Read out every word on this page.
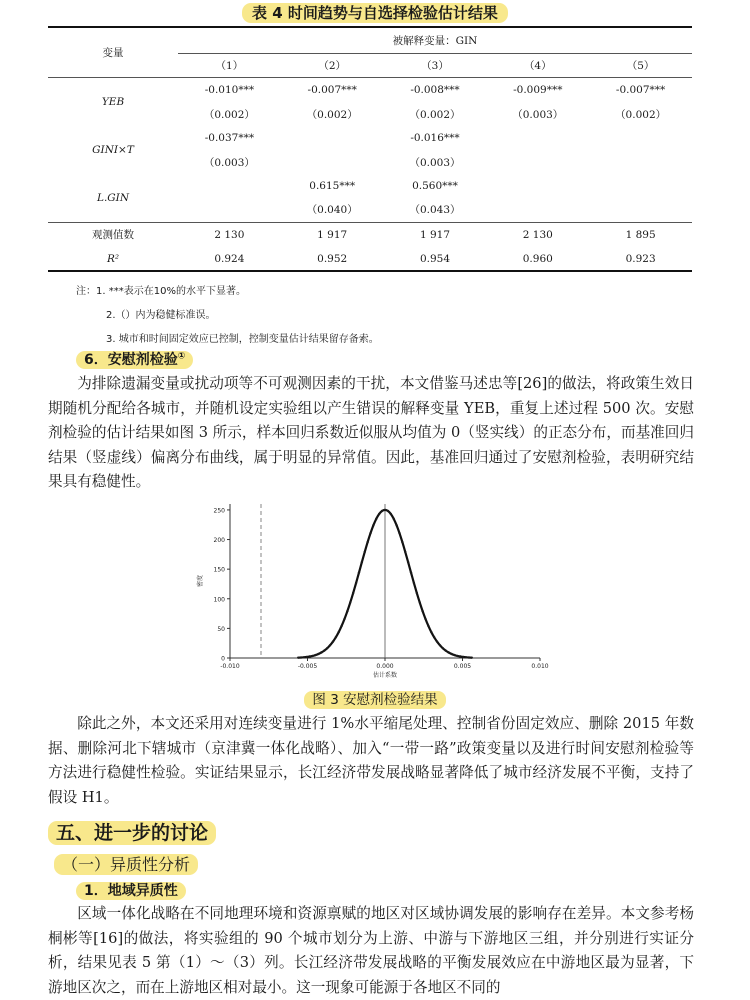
表 4 时间趋势与自选择检验估计结果
变量	被解释变量：GIN				
	（1）	（2）	（3）	（4）	（5）
YEB	-0.010***	-0.007***	-0.008***	-0.009***	-0.007***
	（0.002）	（0.002）	（0.002）	（0.003）	（0.002）
GINI×T	-0.037***		-0.016***		
	（0.003）		（0.003）		
L.GIN		0.615***	0.560***		
		（0.040）	（0.043）		
观测值数	2 130	1 917	1 917	2 130	1 895
R²	0.924	0.952	0.954	0.960	0.923
注：1. ***表示在10%的水平下显著。
2.（）内为稳健标准误。
3. 城市和时间固定效应已控制，控制变量估计结果留存备索。
6．安慰剂检验①
为排除遗漏变量或扰动项等不可观测因素的干扰，本文借鉴马述忠等[26]的做法，将政策生效日期随机分配给各城市，并随机设定实验组以产生错误的解释变量 YEB，重复上述过程 500 次。安慰剂检验的估计结果如图 3 所示，样本回归系数近似服从均值为 0（竖实线）的正态分布，而基准回归结果（竖虚线）偏离分布曲线，属于明显的异常值。因此，基准回归通过了安慰剂检验，表明研究结果具有稳健性。
0
50
100
150
200
250
-0.010	-0.005	0.000	0.005	0.010
估计系数
密度
图 3 安慰剂检验结果
除此之外，本文还采用对连续变量进行 1%水平缩尾处理、控制省份固定效应、删除 2015 年数据、删除河北下辖城市（京津冀一体化战略）、加入“一带一路”政策变量以及进行时间安慰剂检验等方法进行稳健性检验。实证结果显示，长江经济带发展战略显著降低了城市经济发展不平衡，支持了假设 H1。
五、进一步的讨论
（一）异质性分析
1．地域异质性
区域一体化战略在不同地理环境和资源禀赋的地区对区域协调发展的影响存在差异。本文参考杨桐彬等[16]的做法，将实验组的 90 个城市划分为上游、中游与下游地区三组，并分别进行实证分析，结果见表 5 第（1）～（3）列。长江经济带发展战略的平衡发展效应在中游地区最为显著，下游地区次之，而在上游地区相对最小。这一现象可能源于各地区不同的
